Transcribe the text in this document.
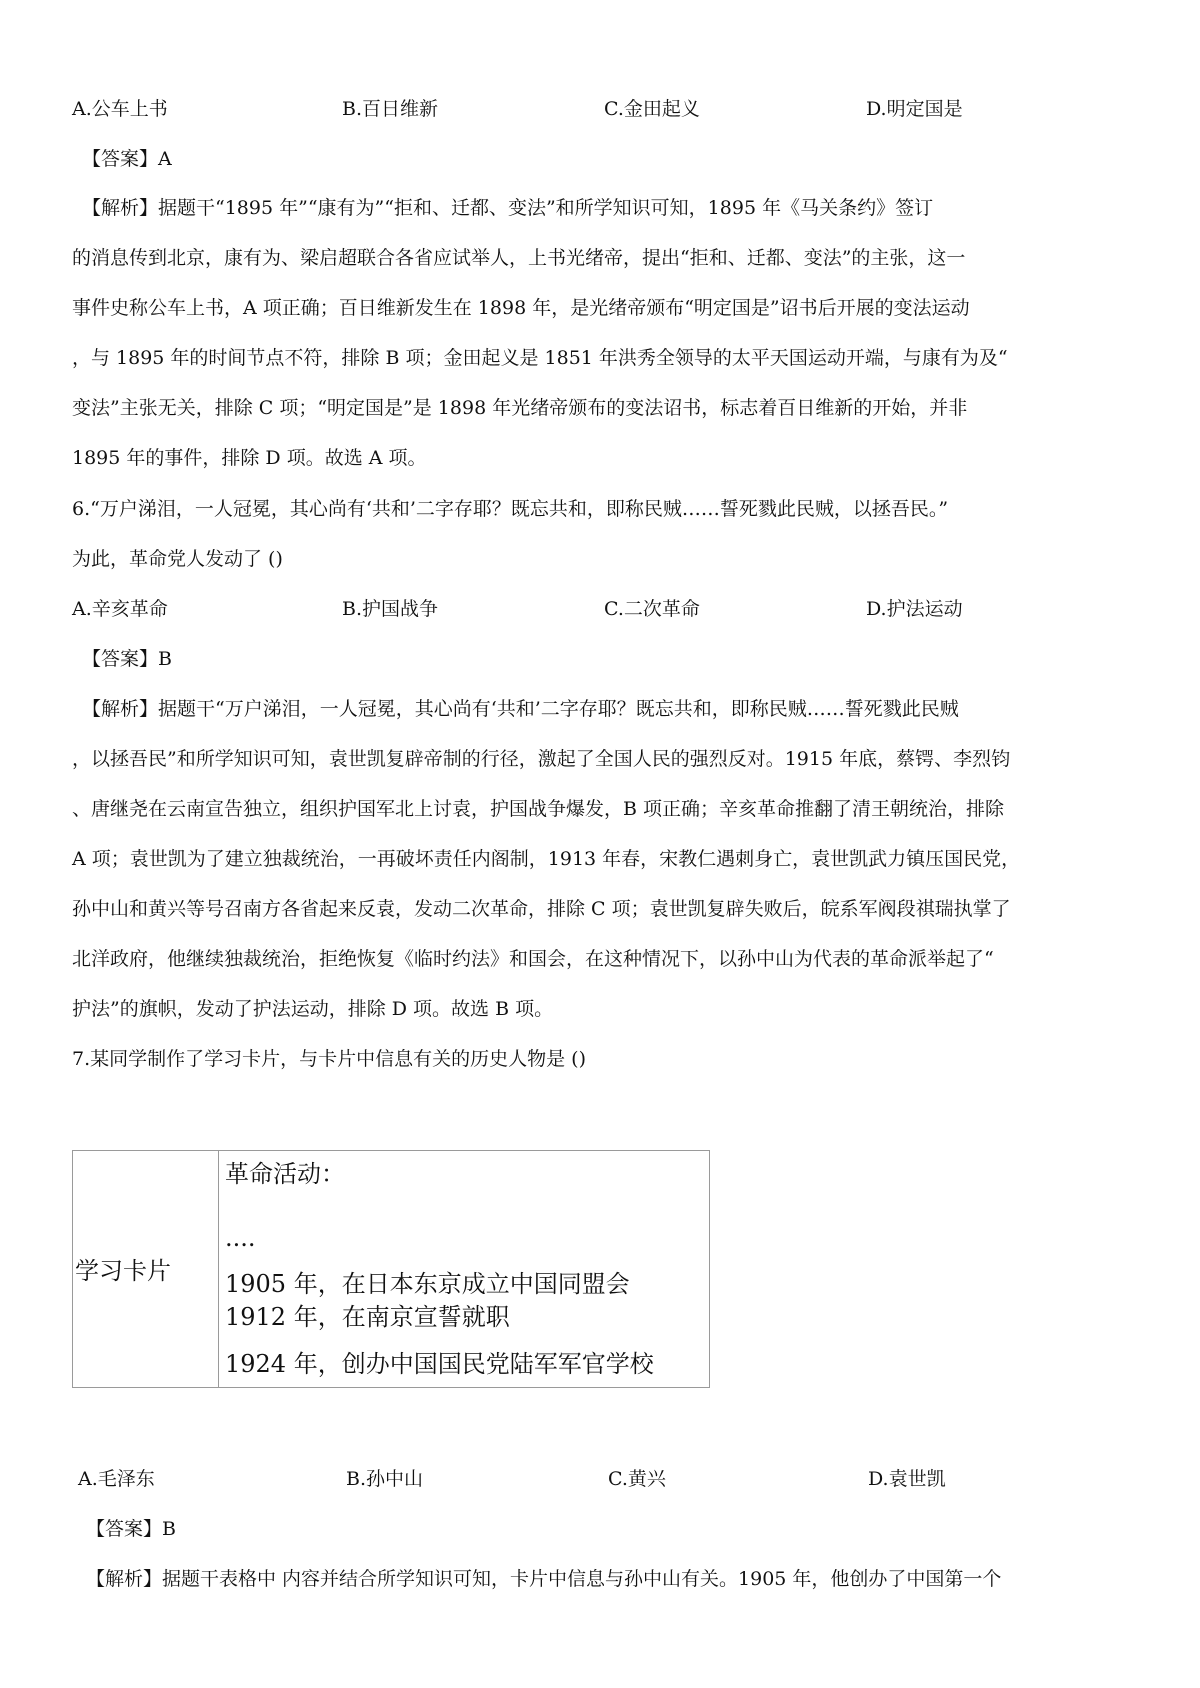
A.公车上书	B.百日维新	C.金田起义	D.明定国是
【答案】A
【解析】据题干“1895 年”“康有为”“拒和、迁都、变法”和所学知识可知，1895 年《马关条约》签订
的消息传到北京，康有为、梁启超联合各省应试举人，上书光绪帝，提出“拒和、迁都、变法”的主张，这一
事件史称公车上书，A 项正确；百日维新发生在 1898 年，是光绪帝颁布“明定国是”诏书后开展的变法运动
，与 1895 年的时间节点不符，排除 B 项；金田起义是 1851 年洪秀全领导的太平天国运动开端，与康有为及“
变法”主张无关，排除 C 项；“明定国是”是 1898 年光绪帝颁布的变法诏书，标志着百日维新的开始，并非
1895 年的事件，排除 D 项。故选 A 项。
6.“万户涕泪，一人冠冕，其心尚有‘共和’二字存耶？既忘共和，即称民贼……誓死戮此民贼，以拯吾民。”
为此，革命党人发动了 ()
A.辛亥革命	B.护国战争	C.二次革命	D.护法运动
【答案】B
【解析】据题干“万户涕泪，一人冠冕，其心尚有‘共和’二字存耶？既忘共和，即称民贼……誓死戮此民贼
，以拯吾民”和所学知识可知，袁世凯复辟帝制的行径，激起了全国人民的强烈反对。1915 年底，蔡锷、李烈钧
、唐继尧在云南宣告独立，组织护国军北上讨袁，护国战争爆发，B 项正确；辛亥革命推翻了清王朝统治，排除
A 项；袁世凯为了建立独裁统治，一再破坏责任内阁制，1913 年春，宋教仁遇刺身亡，袁世凯武力镇压国民党，
孙中山和黄兴等号召南方各省起来反袁，发动二次革命，排除 C 项；袁世凯复辟失败后，皖系军阀段祺瑞执掌了
北洋政府，他继续独裁统治，拒绝恢复《临时约法》和国会，在这种情况下，以孙中山为代表的革命派举起了“
护法”的旗帜，发动了护法运动，排除 D 项。故选 B 项。
7.某同学制作了学习卡片，与卡片中信息有关的历史人物是 ()
学习卡片
革命活动：
....
1905 年，在日本东京成立中国同盟会
1912 年，在南京宣誓就职
1924 年，创办中国国民党陆军军官学校
A.毛泽东	B.孙中山	C.黄兴	D.袁世凯
【答案】B
【解析】据题干表格中 内容并结合所学知识可知，卡片中信息与孙中山有关。1905 年，他创办了中国第一个
